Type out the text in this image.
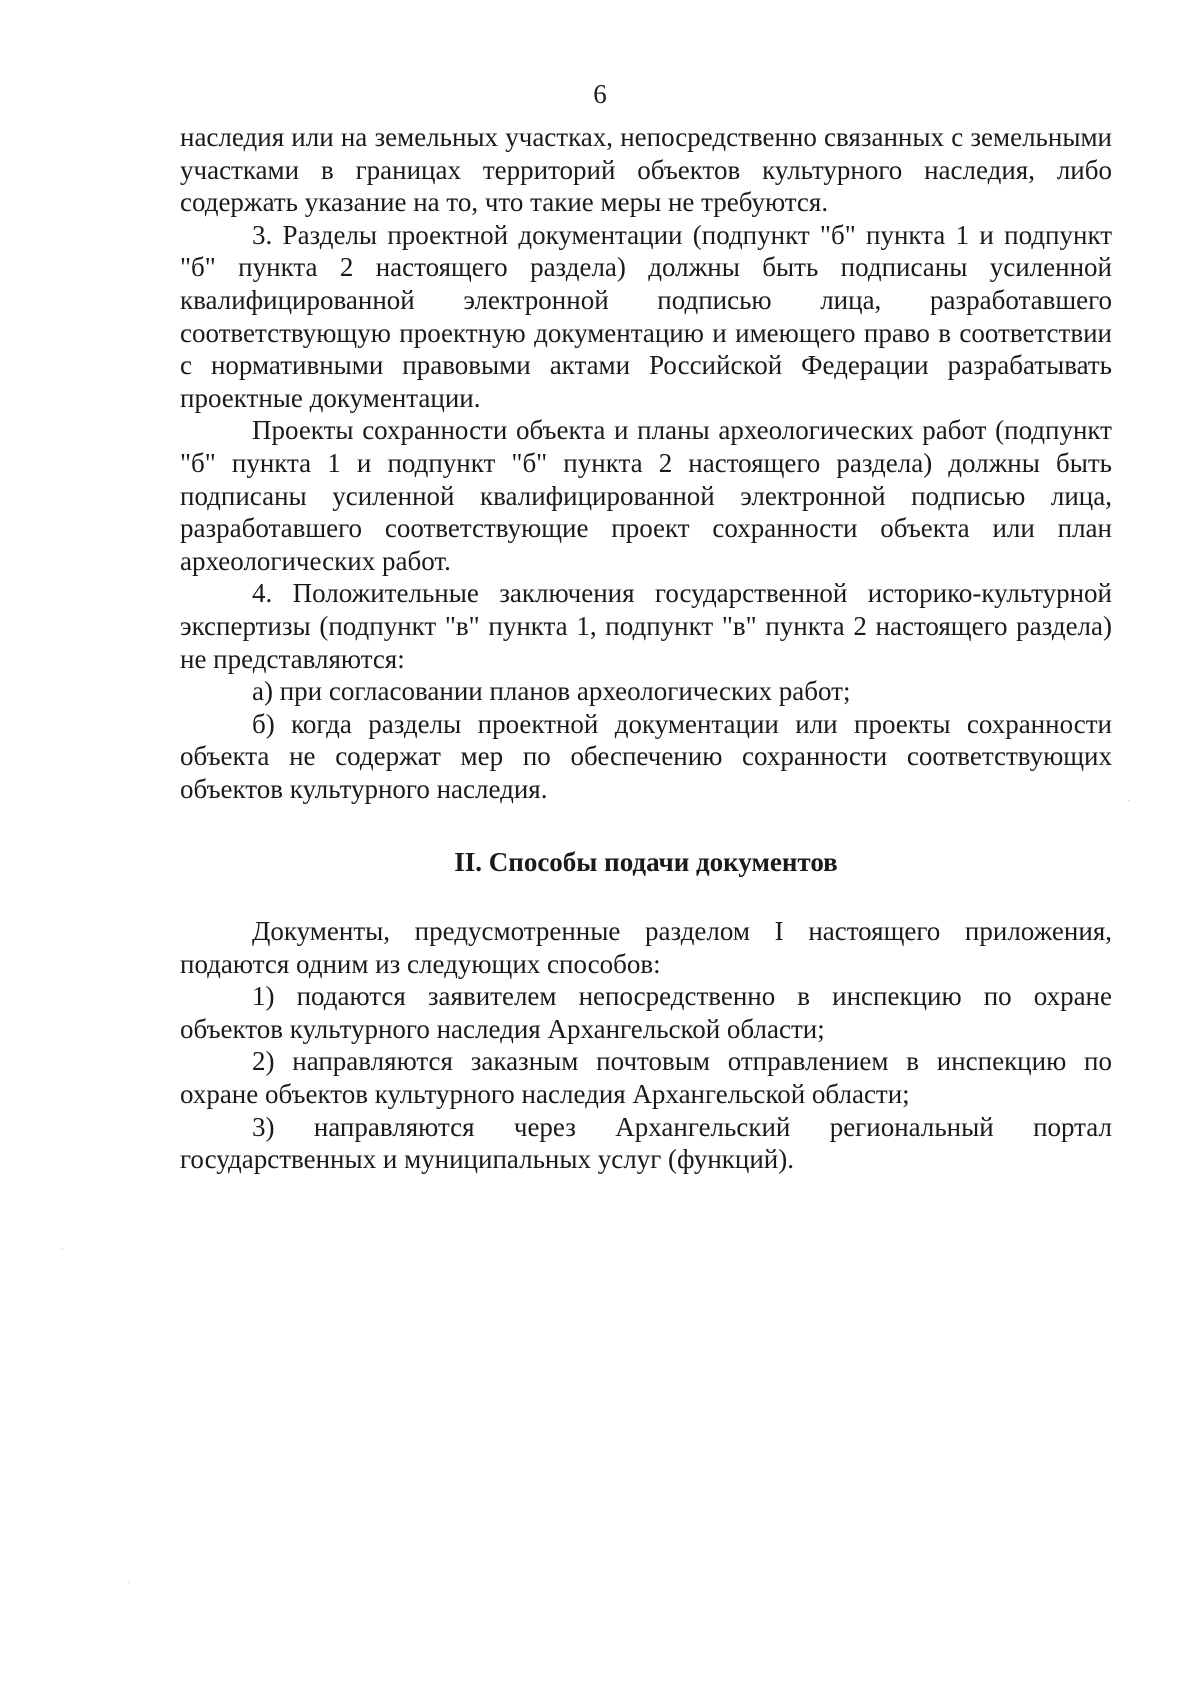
6

наследия или на земельных участках, непосредственно связанных с земельными участками в границах территорий объектов культурного наследия, либо содержать указание на то, что такие меры не требуются.

3. Разделы проектной документации (подпункт "б" пункта 1 и подпункт "б" пункта 2 настоящего раздела) должны быть подписаны усиленной квалифицированной электронной подписью лица, разработавшего соответствующую проектную документацию и имеющего право в соответствии с нормативными правовыми актами Российской Федерации разрабатывать проектные документации.

Проекты сохранности объекта и планы археологических работ (подпункт "б" пункта 1 и подпункт "б" пункта 2 настоящего раздела) должны быть подписаны усиленной квалифицированной электронной подписью лица, разработавшего соответствующие проект сохранности объекта или план археологических работ.

4. Положительные заключения государственной историко-культурной экспертизы (подпункт "в" пункта 1, подпункт "в" пункта 2 настоящего раздела) не представляются:

а) при согласовании планов археологических работ;

б) когда разделы проектной документации или проекты сохранности объекта не содержат мер по обеспечению сохранности соответствующих объектов культурного наследия.

II. Способы подачи документов

Документы, предусмотренные разделом I настоящего приложения, подаются одним из следующих способов:

1) подаются заявителем непосредственно в инспекцию по охране объектов культурного наследия Архангельской области;

2) направляются заказным почтовым отправлением в инспекцию по охране объектов культурного наследия Архангельской области;

3) направляются через Архангельский региональный портал государственных и муниципальных услуг (функций).
